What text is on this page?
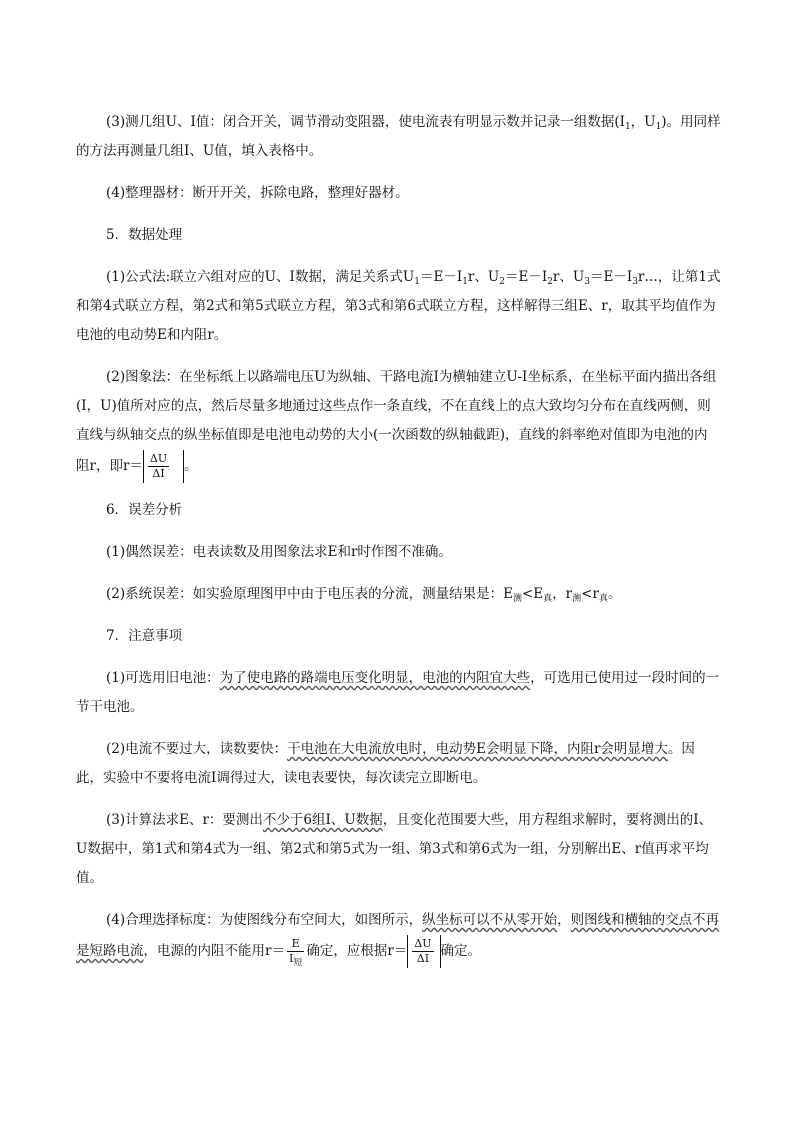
(3)测几组U、I值：闭合开关，调节滑动变阻器，使电流表有明显示数并记录一组数据($I_1$，$U_1$)。用同样的方法再测量几组I、U值，填入表格中。

(4)整理器材：断开开关，拆除电路，整理好器材。

5．数据处理

(1)公式法:联立六组对应的U、I数据，满足关系式$U_1=E-I_1r$、$U_2=E-I_2r$、$U_3=E-I_3r\dots$，让第1式和第4式联立方程，第2式和第5式联立方程，第3式和第6式联立方程，这样解得三组E、r，取其平均值作为电池的电动势E和内阻r。

(2)图象法：在坐标纸上以路端电压U为纵轴、干路电流I为横轴建立U-I坐标系，在坐标平面内描出各组(I，U)值所对应的点，然后尽量多地通过这些点作一条直线，不在直线上的点大致均匀分布在直线两侧，则直线与纵轴交点的纵坐标值即是电池电动势的大小(一次函数的纵轴截距)，直线的斜率绝对值即为电池的内阻r，即$r= \frac{\Delta U}{\Delta I}$ 。

6．误差分析

(1)偶然误差：电表读数及用图象法求E和r时作图不准确。

(2)系统误差：如实验原理图甲中由于电压表的分流，测量结果是：$E_测<E_真$，$r_测<r_真$。

7．注意事项

(1)可选用旧电池：为了使电路的路端电压变化明显，电池的内阻宜大些，可选用已使用过一段时间的一节干电池。

(2)电流不要过大，读数要快：干电池在大电流放电时，电动势E会明显下降，内阻r会明显增大。因此，实验中不要将电流I调得过大，读电表要快，每次读完立即断电。

(3)计算法求E、r：要测出不少于6组I、U数据，且变化范围要大些，用方程组求解时，要将测出的I、U数据中，第1式和第4式为一组、第2式和第5式为一组、第3式和第6式为一组，分别解出E、r值再求平均值。

(4)合理选择标度：为使图线分布空间大，如图所示，纵坐标可以不从零开始，则图线和横轴的交点不再是短路电流，电源的内阻不能用$r= \frac{E}{I_短}$ 确定，应根据$r= \frac{\Delta U}{\Delta I}$ 确定。
